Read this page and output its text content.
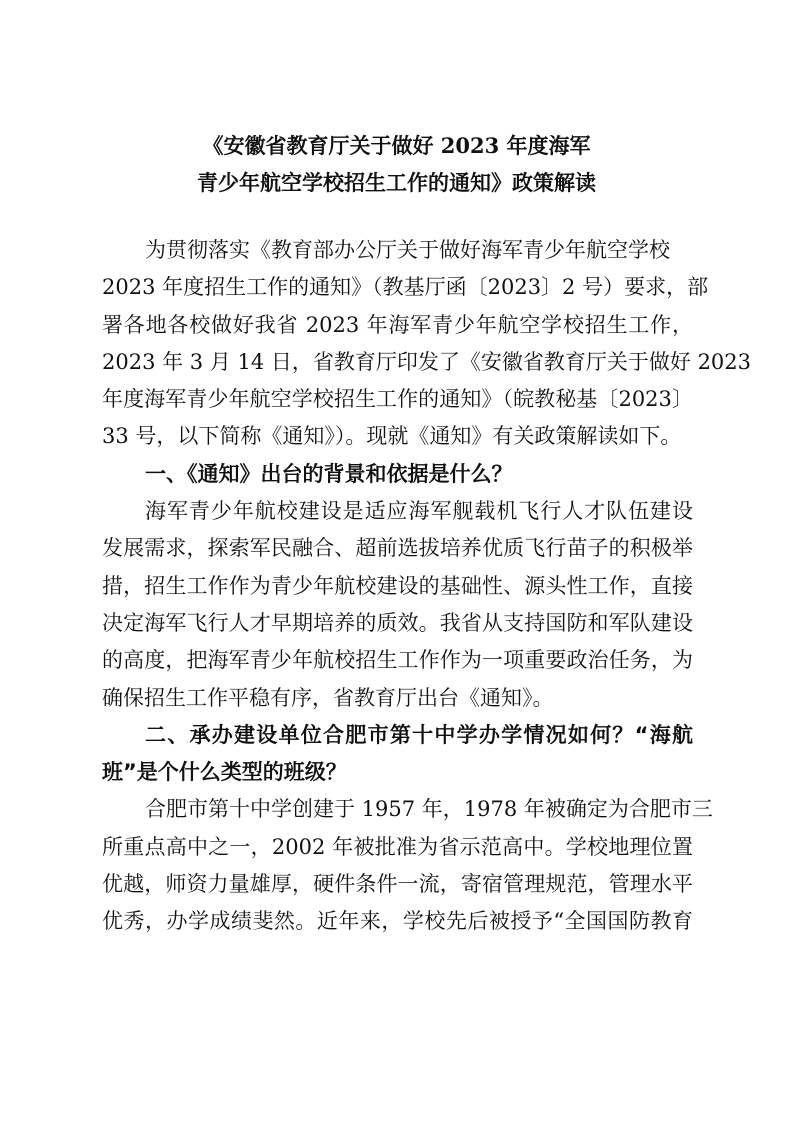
《安徽省教育厅关于做好 2023 年度海军
青少年航空学校招生工作的通知》政策解读
为贯彻落实《教育部办公厅关于做好海军青少年航空学校
2023 年度招生工作的通知》（教基厅函〔2023〕2 号）要求，部
署各地各校做好我省 2023 年海军青少年航空学校招生工作，
2023 年 3 月 14 日，省教育厅印发了《安徽省教育厅关于做好 2023
年度海军青少年航空学校招生工作的通知》（皖教秘基〔2023〕
33 号，以下简称《通知》）。现就《通知》有关政策解读如下。
一、《通知》出台的背景和依据是什么？
海军青少年航校建设是适应海军舰载机飞行人才队伍建设
发展需求，探索军民融合、超前选拔培养优质飞行苗子的积极举
措，招生工作作为青少年航校建设的基础性、源头性工作，直接
决定海军飞行人才早期培养的质效。我省从支持国防和军队建设
的高度，把海军青少年航校招生工作作为一项重要政治任务，为
确保招生工作平稳有序，省教育厅出台《通知》。
二、承办建设单位合肥市第十中学办学情况如何？“海航
班”是个什么类型的班级？
合肥市第十中学创建于 1957 年，1978 年被确定为合肥市三
所重点高中之一，2002 年被批准为省示范高中。学校地理位置
优越，师资力量雄厚，硬件条件一流，寄宿管理规范，管理水平
优秀，办学成绩斐然。近年来，学校先后被授予“全国国防教育
